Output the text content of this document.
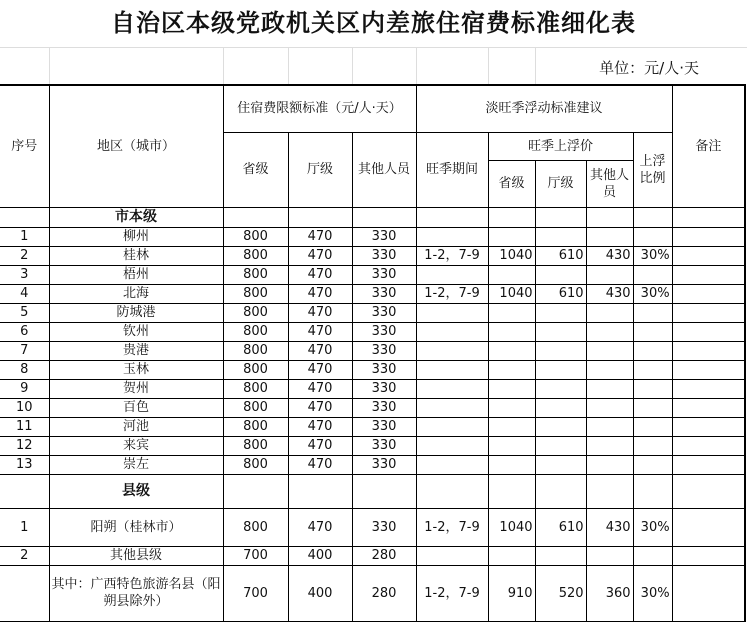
自治区本级党政机关区内差旅住宿费标准细化表
单位：元/人·天
序号	地区（城市）	住宿费限额标准（元/人·天）			淡旺季浮动标准建议					备注
		省级	厅级	其他人员	旺季期间	旺季上浮价			上浮比例	
						省级	厅级	其他人员		
	市本级									
1	柳州	800	470	330						
2	桂林	800	470	330	1-2，7-9	1040	610	430	30%	
3	梧州	800	470	330						
4	北海	800	470	330	1-2，7-9	1040	610	430	30%	
5	防城港	800	470	330						
6	钦州	800	470	330						
7	贵港	800	470	330						
8	玉林	800	470	330						
9	贺州	800	470	330						
10	百色	800	470	330						
11	河池	800	470	330						
12	来宾	800	470	330						
13	崇左	800	470	330						
	县级									
1	阳朔（桂林市）	800	470	330	1-2，7-9	1040	610	430	30%	
2	其他县级	700	400	280						
	其中：广西特色旅游名县（阳朔县除外）	700	400	280	1-2，7-9	910	520	360	30%	
